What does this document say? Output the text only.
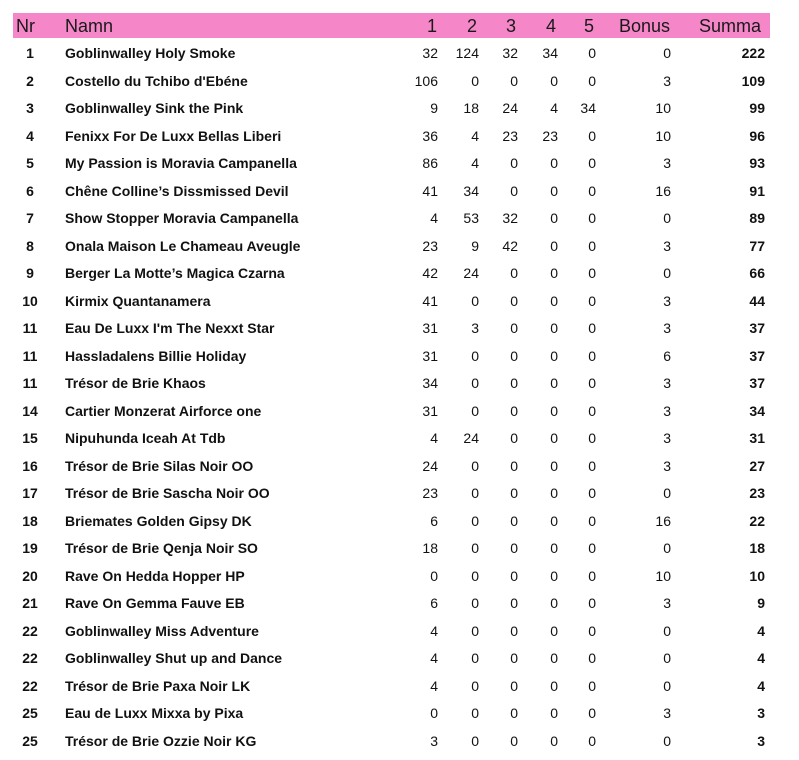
Nr Namn	1 2 3 4 5 Bonus Summa
1	Goblinwalley Holy Smoke	32	124	32	34	0	0	222
2	Costello du Tchibo d'Ebéne	106	0	0	0	0	3	109
3	Goblinwalley Sink the Pink	9	18	24	4	34	10	99
4	Fenixx For De Luxx Bellas Liberi	36	4	23	23	0	10	96
5	My Passion is Moravia Campanella	86	4	0	0	0	3	93
6	Chêne Colline’s Dissmissed Devil	41	34	0	0	0	16	91
7	Show Stopper Moravia Campanella	4	53	32	0	0	0	89
8	Onala Maison Le Chameau Aveugle	23	9	42	0	0	3	77
9	Berger La Motte’s Magica Czarna	42	24	0	0	0	0	66
10	Kirmix Quantanamera	41	0	0	0	0	3	44
11	Eau De Luxx I'm The Nexxt Star	31	3	0	0	0	3	37
11	Hassladalens Billie Holiday	31	0	0	0	0	6	37
11	Trésor de Brie Khaos	34	0	0	0	0	3	37
14	Cartier Monzerat Airforce one	31	0	0	0	0	3	34
15	Nipuhunda Iceah At Tdb	4	24	0	0	0	3	31
16	Trésor de Brie Silas Noir OO	24	0	0	0	0	3	27
17	Trésor de Brie Sascha Noir OO	23	0	0	0	0	0	23
18	Briemates Golden Gipsy DK	6	0	0	0	0	16	22
19	Trésor de Brie Qenja Noir SO	18	0	0	0	0	0	18
20	Rave On Hedda Hopper HP	0	0	0	0	0	10	10
21	Rave On Gemma Fauve EB	6	0	0	0	0	3	9
22	Goblinwalley Miss Adventure	4	0	0	0	0	0	4
22	Goblinwalley Shut up and Dance	4	0	0	0	0	0	4
22	Trésor de Brie Paxa Noir LK	4	0	0	0	0	0	4
25	Eau de Luxx Mixxa by Pixa	0	0	0	0	0	3	3
25	Trésor de Brie Ozzie Noir KG	3	0	0	0	0	0	3
